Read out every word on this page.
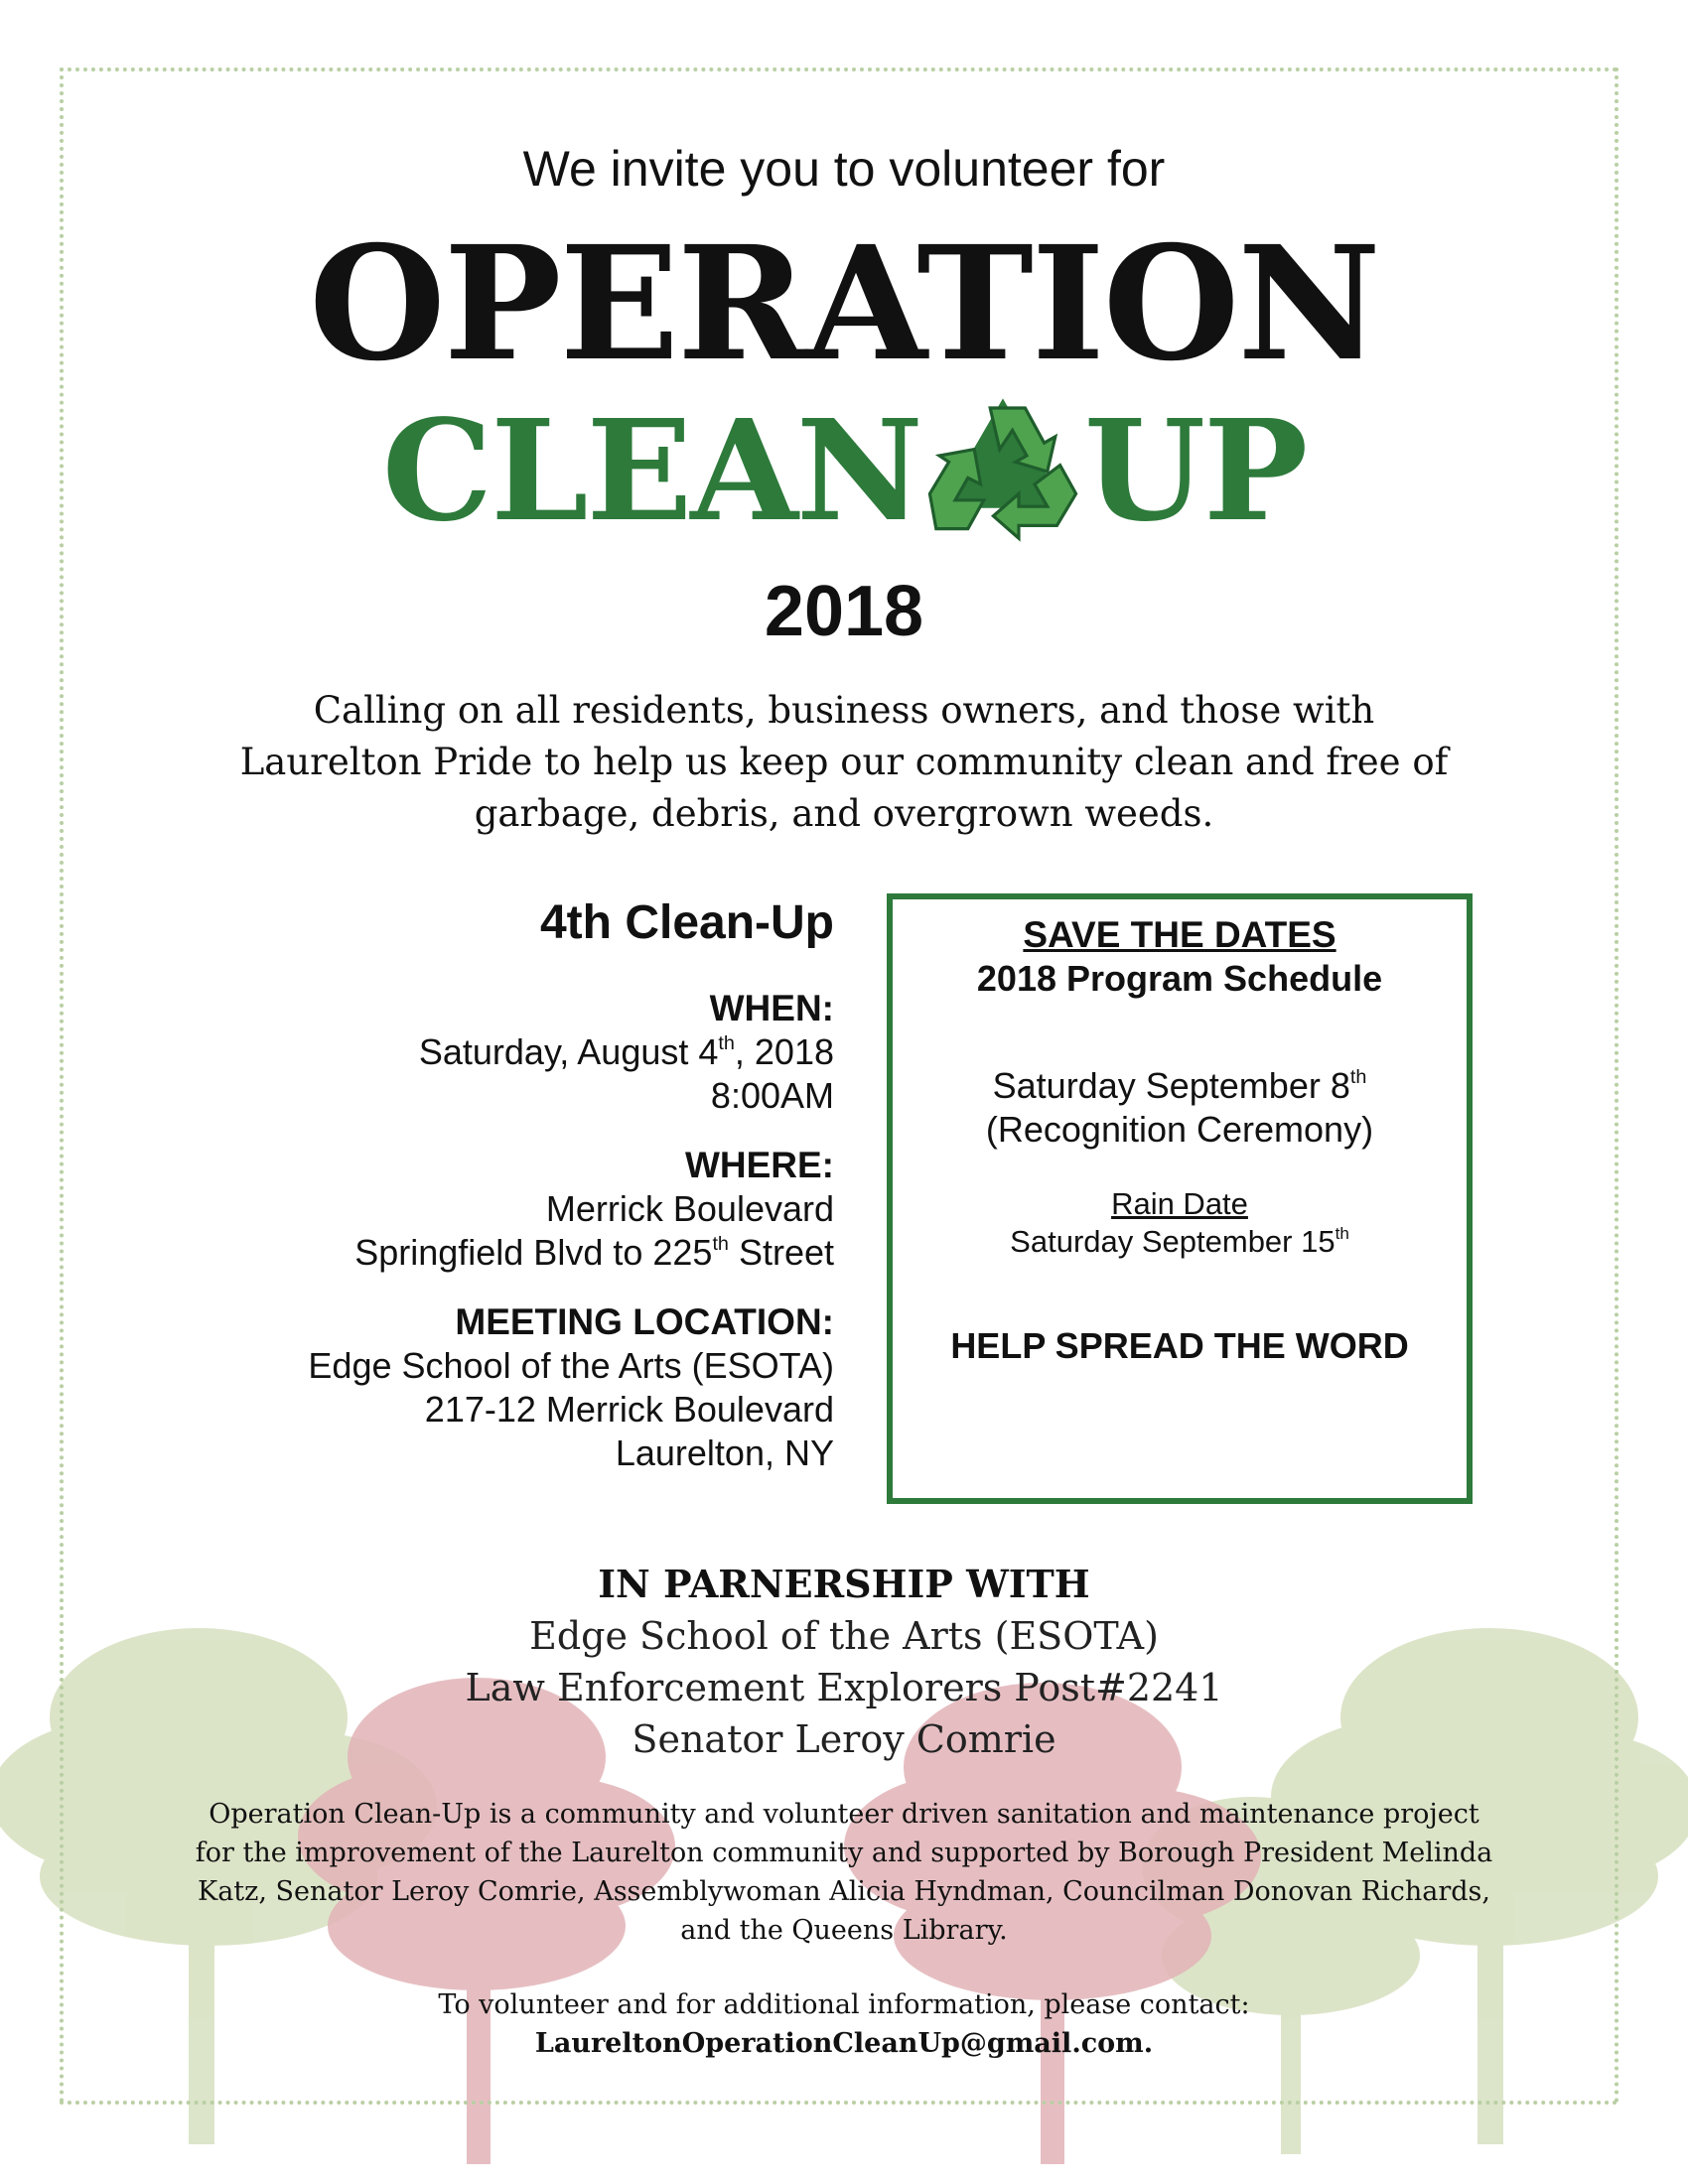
We invite you to volunteer for
OPERATION
CLEAN UP
2018
Calling on all residents, business owners, and those with
Laurelton Pride to help us keep our community clean and free of
garbage, debris, and overgrown weeds.
4th Clean-Up

WHEN:

Saturday, August 4th, 2018

8:00AM

WHERE:

Merrick Boulevard

Springfield Blvd to 225th Street

MEETING LOCATION:

Edge School of the Arts (ESOTA)

217-12 Merrick Boulevard

Laurelton, NY

SAVE THE DATES
2018 Program Schedule
Saturday September 8th
(Recognition Ceremony)
Rain Date
Saturday September 15th
HELP SPREAD THE WORD
IN PARNERSHIP WITH
Edge School of the Arts (ESOTA)
Law Enforcement Explorers Post#2241
Senator Leroy Comrie
Operation Clean-Up is a community and volunteer driven sanitation and maintenance project
for the improvement of the Laurelton community and supported by Borough President Melinda
Katz, Senator Leroy Comrie, Assemblywoman Alicia Hyndman, Councilman Donovan Richards,
and the Queens Library.
To volunteer and for additional information, please contact:
LaureltonOperationCleanUp@gmail.com.
